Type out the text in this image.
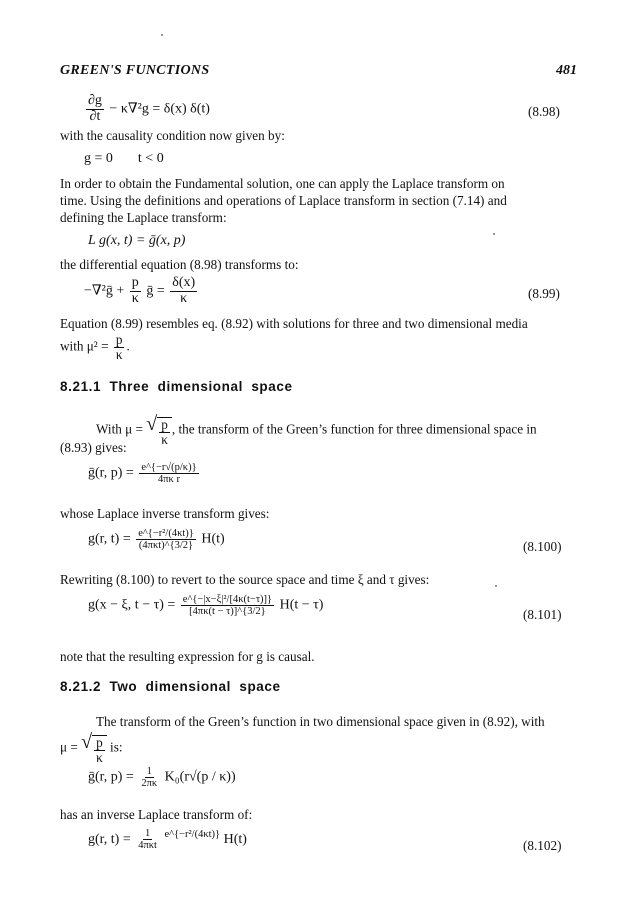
GREEN'S FUNCTIONS	481
$\frac{\partial g}{\partial t} - \kappa\nabla^2g = \delta(x)$ δ(t)	(8.98)
with the causality condition now given by:
g = 0 t < 0
In order to obtain the Fundamental solution, one can apply the Laplace transform on
time. Using the definitions and operations of Laplace transform in section (7.14) and
defining the Laplace transform:
L g(x, t) = ḡ(x, p)
the differential equation (8.98) transforms to:
−∇²ḡ + $\frac{p}{\kappa}$ ḡ = $\frac{\delta(x)}{\kappa}$	(8.99)
Equation (8.99) resembles eq. (8.92) with solutions for three and two dimensional media
with $\mu^2 = \frac{p}{\kappa}$ .
8.21.1 Three dimensional space
With μ = √ $\frac{p}{\kappa}$ , the transform of the Green’s function for three dimensional space in
(8.93) gives:
ḡ(r, $p) = \frac{e\^{}\{-r√(p/\kappa)\}}{\text{4πκ r}}$
whose Laplace inverse transform gives:
g(r, $t) = \frac{\text{e\textasciicircum{}\{−r²/(4κt)\}}}{\text{(4πκt)\textasciicircum{}\{3/2\}}} H(t)$	(8.100)
Rewriting (8.100) to revert to the source space and time ξ and τ gives:
g(x − ξ, $t - \tau) = \frac{\text{e\textasciicircum{}\{−|x−ξ|²/[4κ(t−τ)]\}}}{[4\pi\kappa(t - \tau)]\^{}\{3/2\}} H(t - \tau)$
(8.101)
note that the resulting expression for g is causal.
8.21.2 Two dimensional space
The transform of the Green’s function in two dimensional space given in (8.92), with
μ = √ $\frac{p}{\kappa}$ is:
ḡ(r, $p) = \frac{1}{2\pi\kappa} K_0(r√(p / \kappa))$
has an inverse Laplace transform of:
g(r, $t) = \frac{1}{\text{4πκt}} ^{e\^{}\{-r^2/(4\kappa t)\}}$ H(t)	(8.102)
